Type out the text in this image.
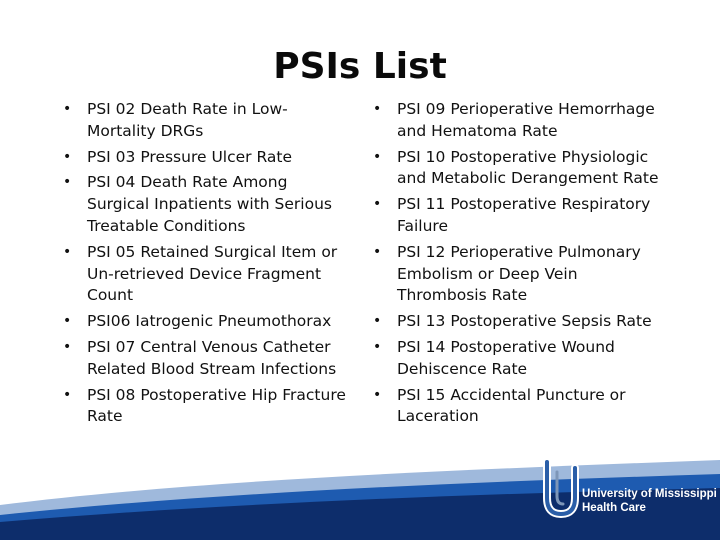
PSIs List
• PSI 02 Death Rate in Low-Mortality DRGs
• PSI 03 Pressure Ulcer Rate
• PSI 04 Death Rate Among Surgical Inpatients with Serious Treatable Conditions
• PSI 05 Retained Surgical Item or Un-retrieved Device Fragment Count
• PSI06 Iatrogenic Pneumothorax
• PSI 07 Central Venous Catheter Related Blood Stream Infections
• PSI 08 Postoperative Hip Fracture Rate
• PSI 09 Perioperative Hemorrhage and Hematoma Rate
• PSI 10 Postoperative Physiologic and Metabolic Derangement Rate
• PSI 11 Postoperative Respiratory Failure
• PSI 12 Perioperative Pulmonary Embolism or Deep Vein Thrombosis Rate
• PSI 13 Postoperative Sepsis Rate
• PSI 14 Postoperative Wound Dehiscence Rate
• PSI 15 Accidental Puncture or Laceration
University of Mississippi
Health Care
